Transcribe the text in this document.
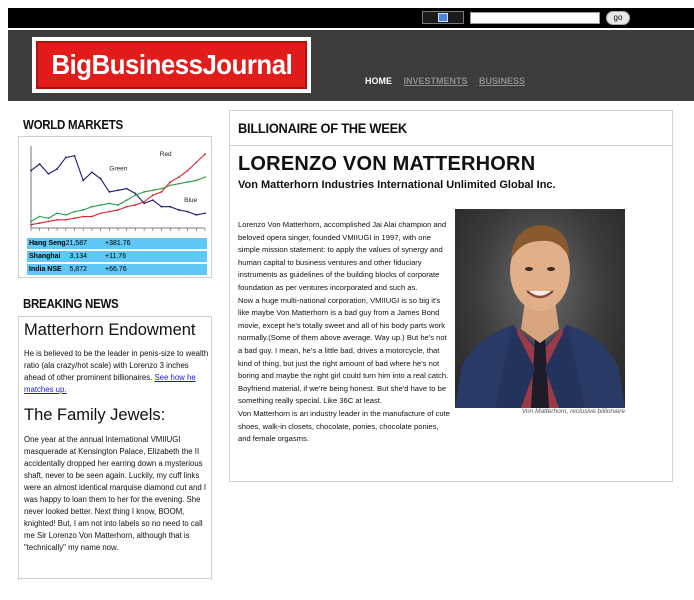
go
BigBusinessJournal
HOME INVESTMENTS BUSINESS
WORLD MARKETS
Blue
Green
Red
Hang Seng 21,587	+381.76
Shanghai 3,134	+11.76
India NSE 5,872	+66.76
BREAKING NEWS
Matterhorn Endowment
He is believed to be the leader in penis-size to wealth ratio (ala crazy/hot scale) with Lorenzo 3 inches ahead of other prominent billionaires. See how he matches up.
The Family Jewels:
One year at the annual International VMIIUGI masquerade at Kensington Palace, Elizabeth the II accidentally dropped her earring down a mysterious shaft, never to be seen again. Luckily, my cuff links were an almost identical marquise diamond cut and I was happy to loan them to her for the evening. She never looked better. Next thing I know, BOOM, knighted! But, I am not into labels so no need to call me Sir Lorenzo Von Matterhorn, although that is "technically" my name now.
BILLIONAIRE OF THE WEEK
LORENZO VON MATTERHORN
Von Matterhorn Industries International Unlimited Global Inc.

Lorenzo Von Matterhorn, accomplished Jai Alai champion and beloved opera singer, founded VMIIUGI in 1997, with one simple mission statement: to apply the values of synergy and human capital to business ventures and other fiduciary instruments as guidelines of the building blocks of corporate foundation as per ventures incorporated and such as.

Now a huge multi-national corporation, VMIIUGI is so big it's like maybe Von Matterhorn is a bad guy from a James Bond movie, except he's totally sweet and all of his body parts work normally.(Some of them above average. Way up.) But he's not a bad guy. I mean, he's a little bad, drives a motorcycle, that kind of thing, but just the right amount of bad where he's not boring and maybe the right girl could turn him into a real catch. Boyfriend material, if we're being honest. But she'd have to be something really special. Like 36C at least.

Von Matterhorn is an industry leader in the manufacture of cute shoes, walk-in closets, chocolate, ponies, chocolate ponies, and female orgasms.

Von Matterhorn, reclusive billionaire
